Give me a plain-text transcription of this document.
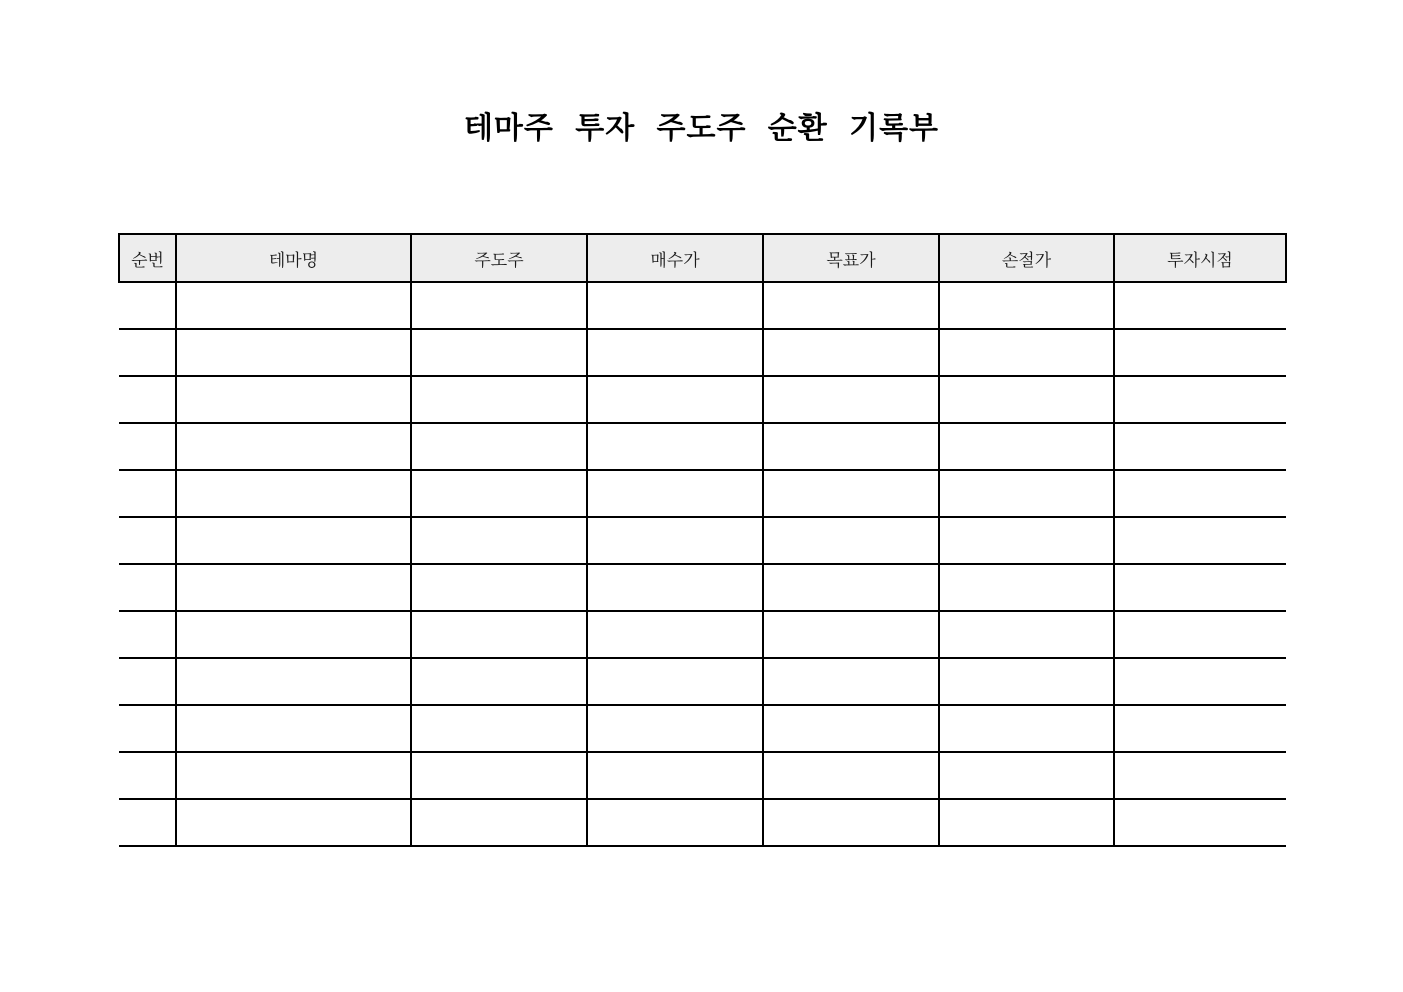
테마주 투자 주도주 순환 기록부
순번	테마명	주도주	매수가	목표가	손절가	투자시점
